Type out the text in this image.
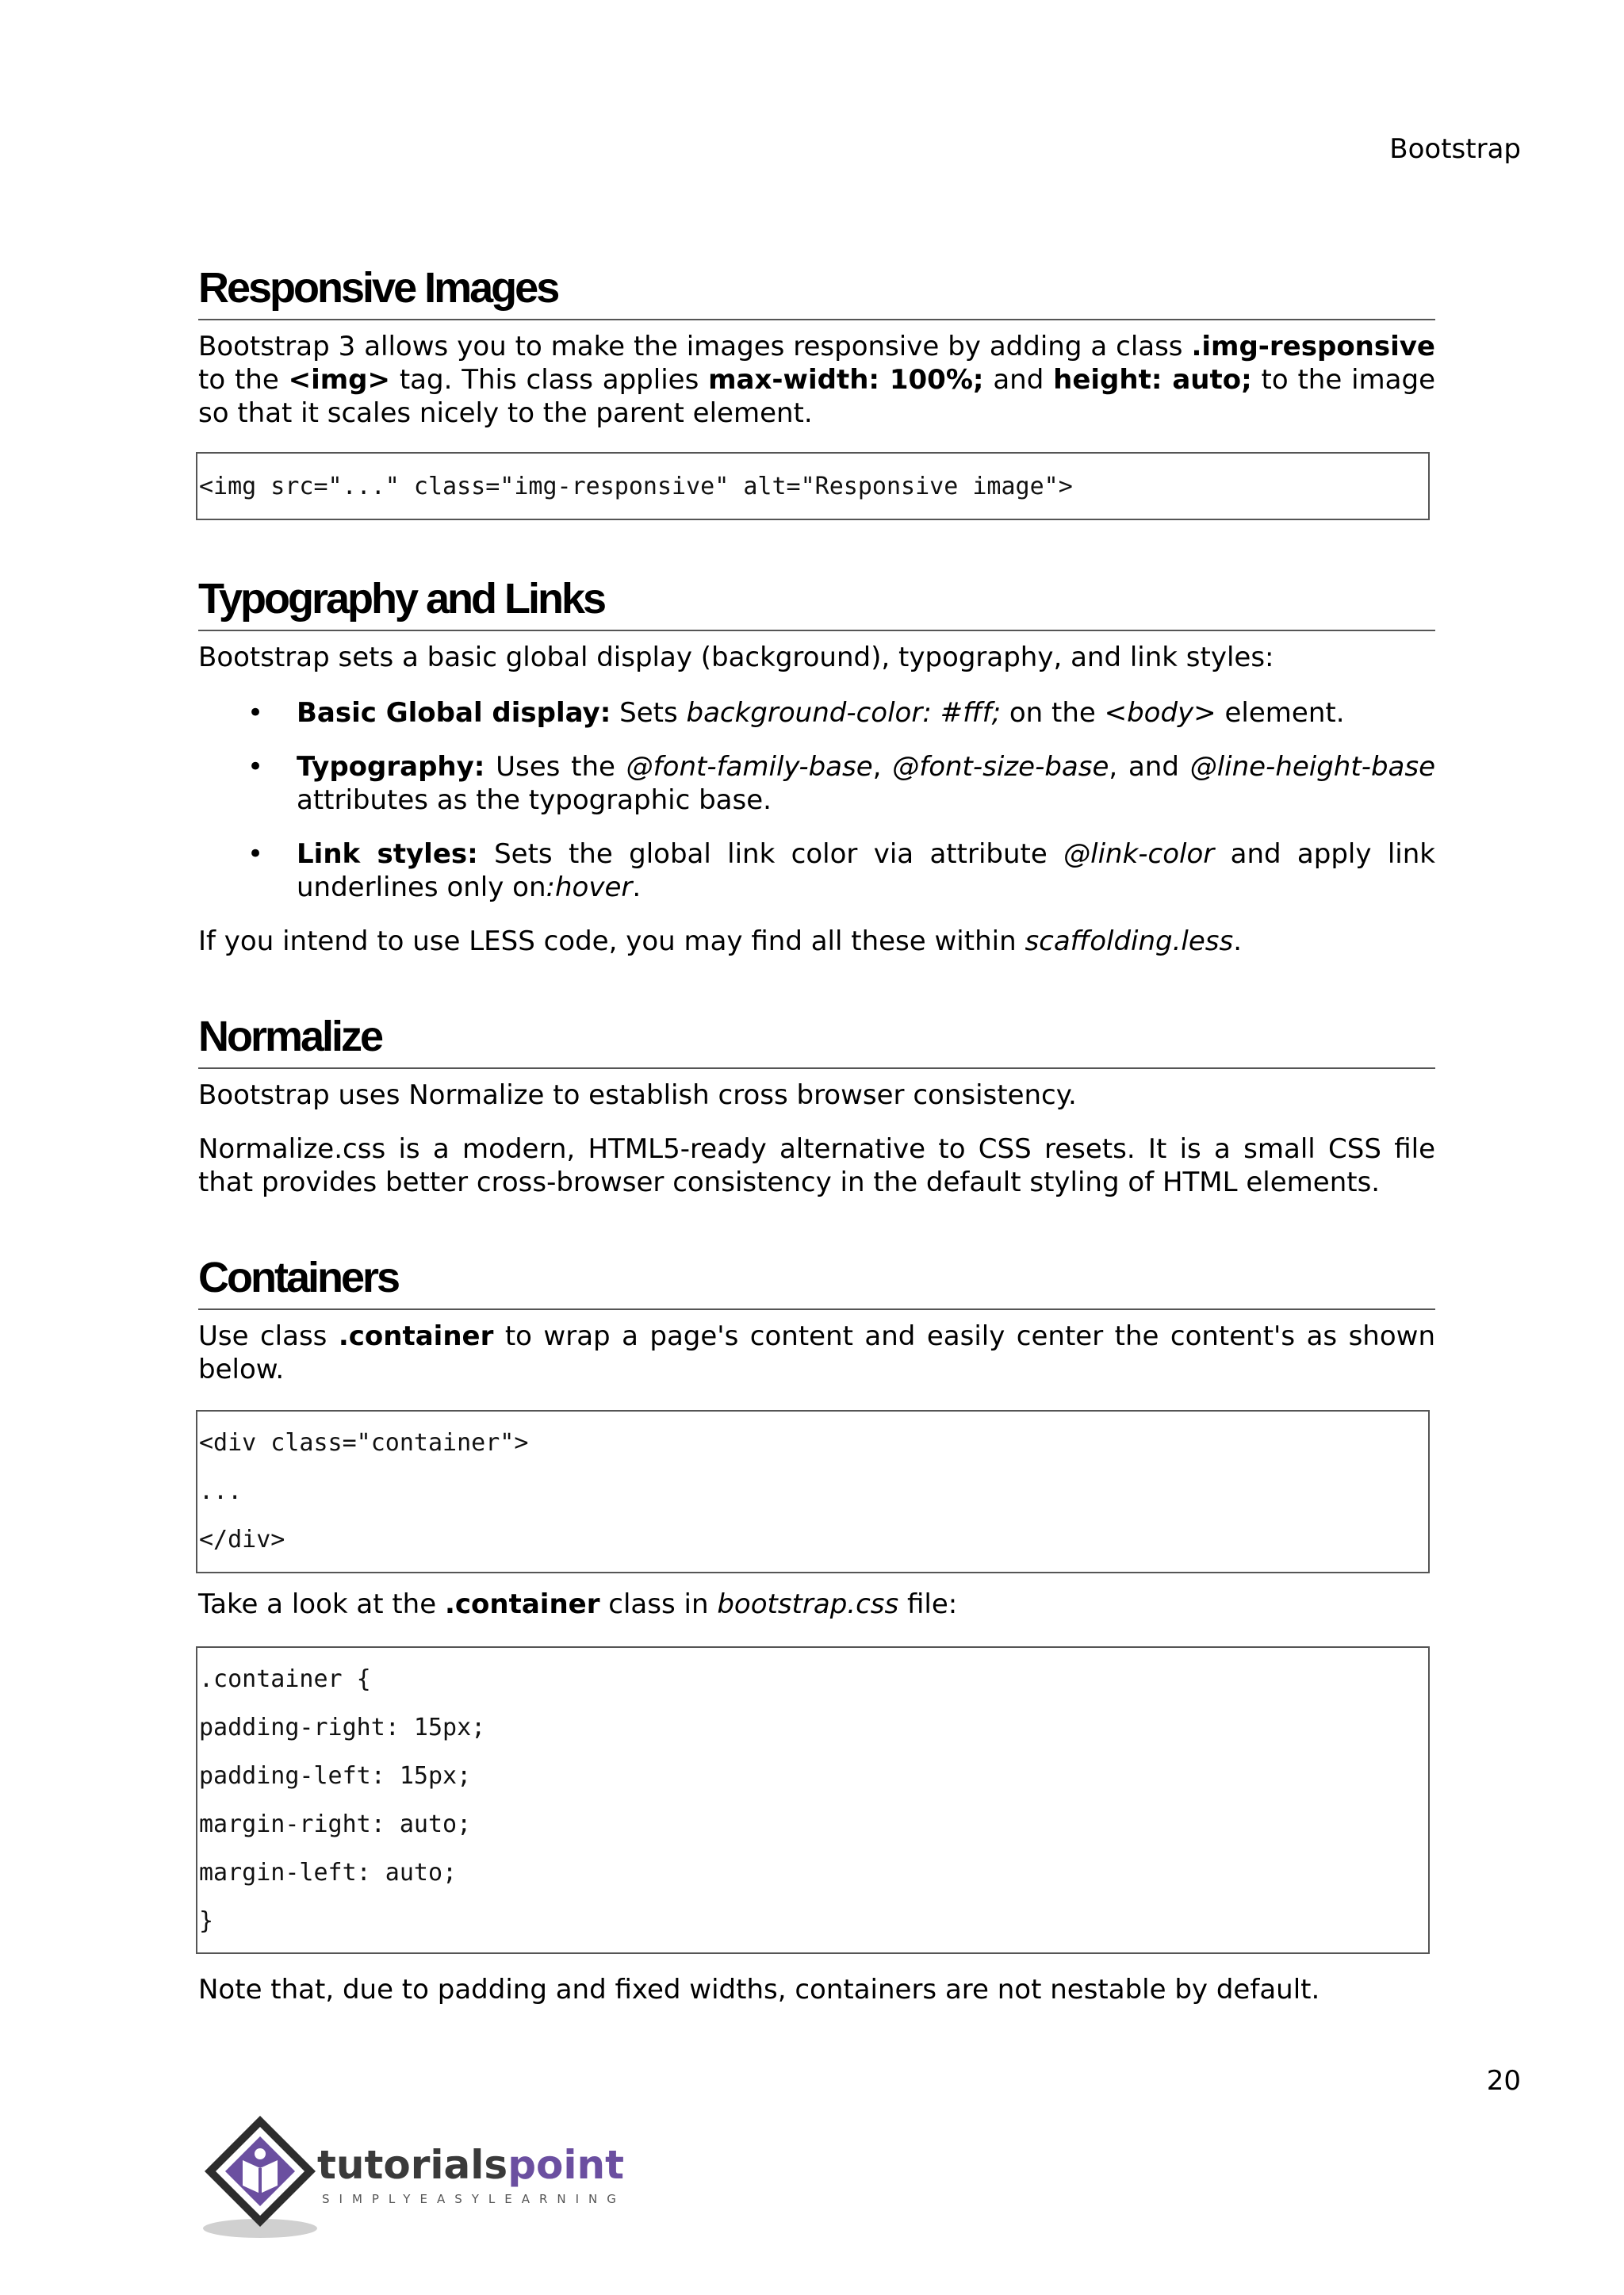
Bootstrap
Responsive Images

Bootstrap 3 allows you to make the images responsive by adding a class .img-responsive to the <img> tag. This class applies max-width: 100%; and height: auto; to the image so that it scales nicely to the parent element.

<img src="..." class="img-responsive" alt="Responsive image">
Typography and Links

Bootstrap sets a basic global display (background), typography, and link styles:

• Basic Global display: Sets background-color: #fff; on the <body> element.
• Typography: Uses the @font-family-base, @font-size-base, and @line-height-base attributes as the typographic base.
• Link styles: Sets the global link color via attribute @link-color and apply link underlines only on:hover.

If you intend to use LESS code, you may find all these within scaffolding.less.

Normalize

Bootstrap uses Normalize to establish cross browser consistency.

Normalize.css is a modern, HTML5-ready alternative to CSS resets. It is a small CSS file that provides better cross-browser consistency in the default styling of HTML elements.

Containers

Use class .container to wrap a page's content and easily center the content's as shown below.

<div class="container">
...
</div>

Take a look at the .container class in bootstrap.css file:

.container {
padding-right: 15px;
padding-left: 15px;
margin-right: auto;
margin-left: auto;
}

Note that, due to padding and fixed widths, containers are not nestable by default.

20
tutorialspoint
SIMPLYEASYLEARNING
